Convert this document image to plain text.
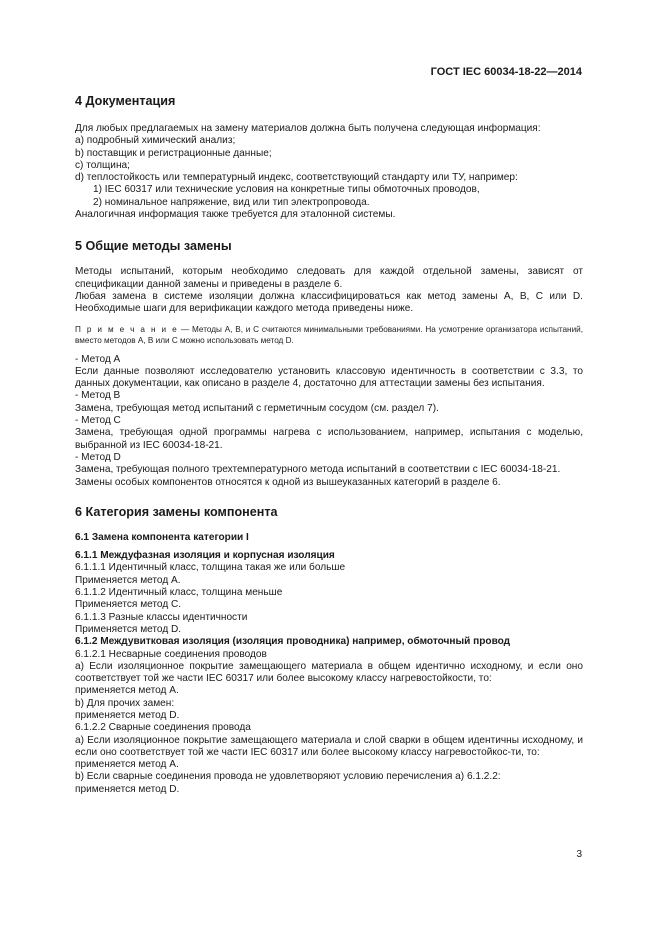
ГОСТ IEC 60034-18-22—2014

4 Документация

Для любых предлагаемых на замену материалов должна быть получена следующая информация:

a) подробный химический анализ;

b) поставщик и регистрационные данные;

c) толщина;

d) теплостойкость или температурный индекс, соответствующий стандарту или ТУ, например:

1) IEC 60317 или технические условия на конкретные типы обмоточных проводов,

2) номинальное напряжение, вид или тип электропровода.

Аналогичная информация также требуется для эталонной системы.

5 Общие методы замены

Методы испытаний, которым необходимо следовать для каждой отдельной замены, зависят от спецификации данной замены и приведены в разделе 6.

Любая замена в системе изоляции должна классифицироваться как метод замены A, B, C или D. Необходимые шаги для верификации каждого метода приведены ниже.

П р и м е ч а н и е — Методы А, В, и С считаются минимальными требованиями. На усмотрение организатора испытаний, вместо методов А, В или С можно использовать метод D.

- Метод A

Если данные позволяют исследователю установить классовую идентичность в соответствии с 3.3, то данных документации, как описано в разделе 4, достаточно для аттестации замены без испытания.

- Метод B

Замена, требующая метод испытаний с герметичным сосудом (см. раздел 7).

- Метод C

Замена, требующая одной программы нагрева с использованием, например, испытания с моделью, выбранной из IEC 60034-18-21.

- Метод D

Замена, требующая полного трехтемпературного метода испытаний в соответствии с IEC 60034-18-21.

Замены особых компонентов относятся к одной из вышеуказанных категорий в разделе 6.

6 Категория замены компонента

6.1 Замена компонента категории I

6.1.1 Междуфазная изоляция и корпусная изоляция

6.1.1.1 Идентичный класс, толщина такая же или больше

Применяется метод А.

6.1.1.2 Идентичный класс, толщина меньше

Применяется метод С.

6.1.1.3 Разные классы идентичности

Применяется метод D.

6.1.2 Междувитковая изоляция (изоляция проводника) например, обмоточный провод

6.1.2.1 Несварные соединения проводов

a) Если изоляционное покрытие замещающего материала в общем идентично исходному, и если оно соответствует той же части IEC 60317 или более высокому классу нагревостойкости, то:

применяется метод А.

b) Для прочих замен:

применяется метод D.

6.1.2.2 Сварные соединения провода

a) Если изоляционное покрытие замещающего материала и слой сварки в общем идентичны исходному, и если оно соответствует той же части IEC 60317 или более высокому классу нагревостойкос-ти, то:

применяется метод А.

b) Если сварные соединения провода не удовлетворяют условию перечисления а) 6.1.2.2:

применяется метод D.

3
